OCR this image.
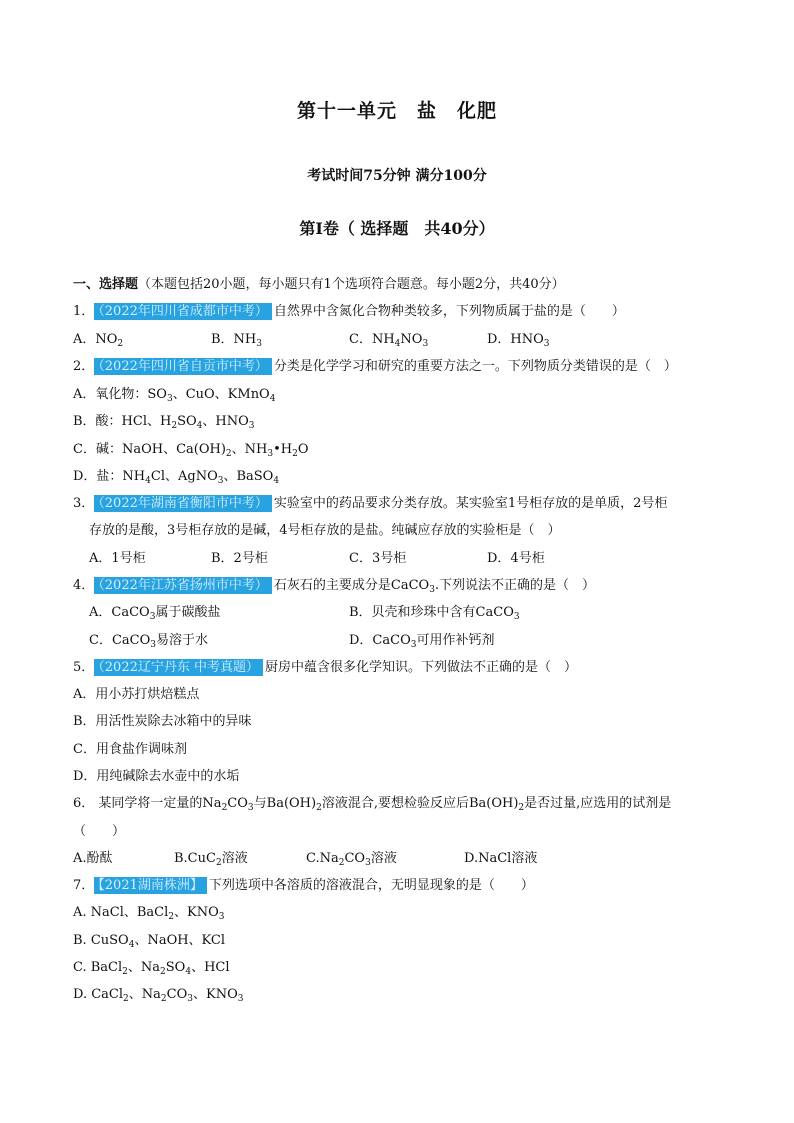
第十一单元　盐　化肥
考试时间75分钟 满分100分
第Ⅰ卷（ 选择题　共40分）
一、选择题（本题包括20小题，每小题只有1个选项符合题意。每小题2分，共40分）
1． （2022年四川省成都市中考） 自然界中含氮化合物种类较多，下列物质属于盐的是（　　）
A．$NO_2$	B．$NH_3$	C．$NH_4NO_3$	D．$HNO_3$
2． （2022年四川省自贡市中考） 分类是化学学习和研究的重要方法之一。下列物质分类错误的是（　）
A．氧化物：$SO_3$、CuO、KMnO$_4$
B．酸：HCl、$H_2SO_4$、$HNO_3$
C．碱：NaOH、$Ca(OH)_2$、$NH_3•H_2O$
D．盐：$NH_4Cl$、AgNO$_3$、BaSO$_4$
3． （2022年湖南省衡阳市中考） 实验室中的药品要求分类存放。某实验室1号柜存放的是单质，2号柜
存放的是酸，3号柜存放的是碱，4号柜存放的是盐。纯碱应存放的实验柜是（　）
A．1号柜	B．2号柜	C．3号柜	D．4号柜
4． （2022年江苏省扬州市中考） 石灰石的主要成分是CaCO$_3$.下列说法不正确的是（　）
A．CaCO$_3$属于碳酸盐	B．贝壳和珍珠中含有CaCO$_3$
C．CaCO$_3$易溶于水	D．CaCO$_3$可用作补钙剂
5． （2022辽宁丹东 中考真题） 厨房中蕴含很多化学知识。下列做法不正确的是（　）
A．用小苏打烘焙糕点
B．用活性炭除去冰箱中的异味
C．用食盐作调味剂
D．用纯碱除去水壶中的水垢
6． 某同学将一定量的$Na_2CO_3$与$Ba(OH)_2$溶液混合,要想检验反应后$Ba(OH)_2$是否过量,应选用的试剂是
（　　）
A.酚酞	B.CuC$_2$溶液	$C.Na_2CO_3$溶液	D.NaCl溶液
7． 【2021湖南株洲】 下列选项中各溶质的溶液混合，无明显现象的是（　　）
A. NaCl、BaCl$_2$、$KNO_3$
B. CuSO$_4$、NaOH、KCl
C. BaCl$_2$、$Na_2SO_4$、HCl
D. CaCl$_2$、$Na_2CO_3$、$KNO_3$
